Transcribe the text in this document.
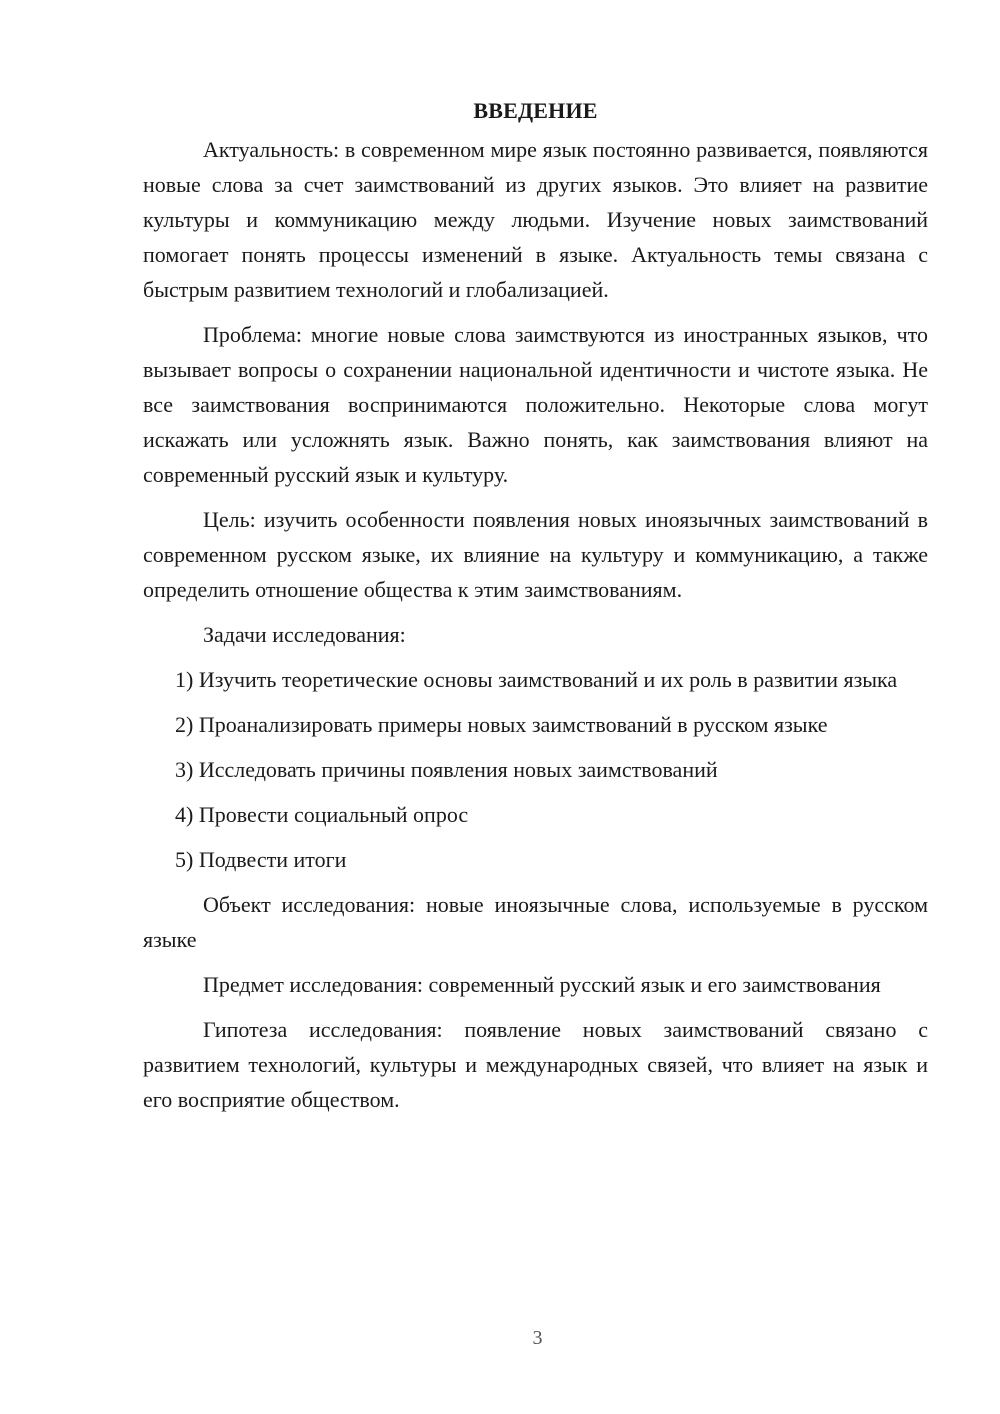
ВВЕДЕНИЕ

Актуальность: в современном мире язык постоянно развивается, появляются новые слова за счет заимствований из других языков. Это влияет на развитие культуры и коммуникацию между людьми. Изучение новых заимствований помогает понять процессы изменений в языке. Актуальность темы связана с быстрым развитием технологий и глобализацией.

Проблема: многие новые слова заимствуются из иностранных языков, что вызывает вопросы о сохранении национальной идентичности и чистоте языка. Не все заимствования воспринимаются положительно. Некоторые слова могут искажать или усложнять язык. Важно понять, как заимствования влияют на современный русский язык и культуру.

Цель: изучить особенности появления новых иноязычных заимствований в современном русском языке, их влияние на культуру и коммуникацию, а также определить отношение общества к этим заимствованиям.

Задачи исследования:

1) Изучить теоретические основы заимствований и их роль в развитии языка

2) Проанализировать примеры новых заимствований в русском языке

3) Исследовать причины появления новых заимствований

4) Провести социальный опрос

5) Подвести итоги

Объект исследования: новые иноязычные слова, используемые в русском языке

Предмет исследования: современный русский язык и его заимствования

Гипотеза исследования: появление новых заимствований связано с развитием технологий, культуры и международных связей, что влияет на язык и его восприятие обществом.

3
